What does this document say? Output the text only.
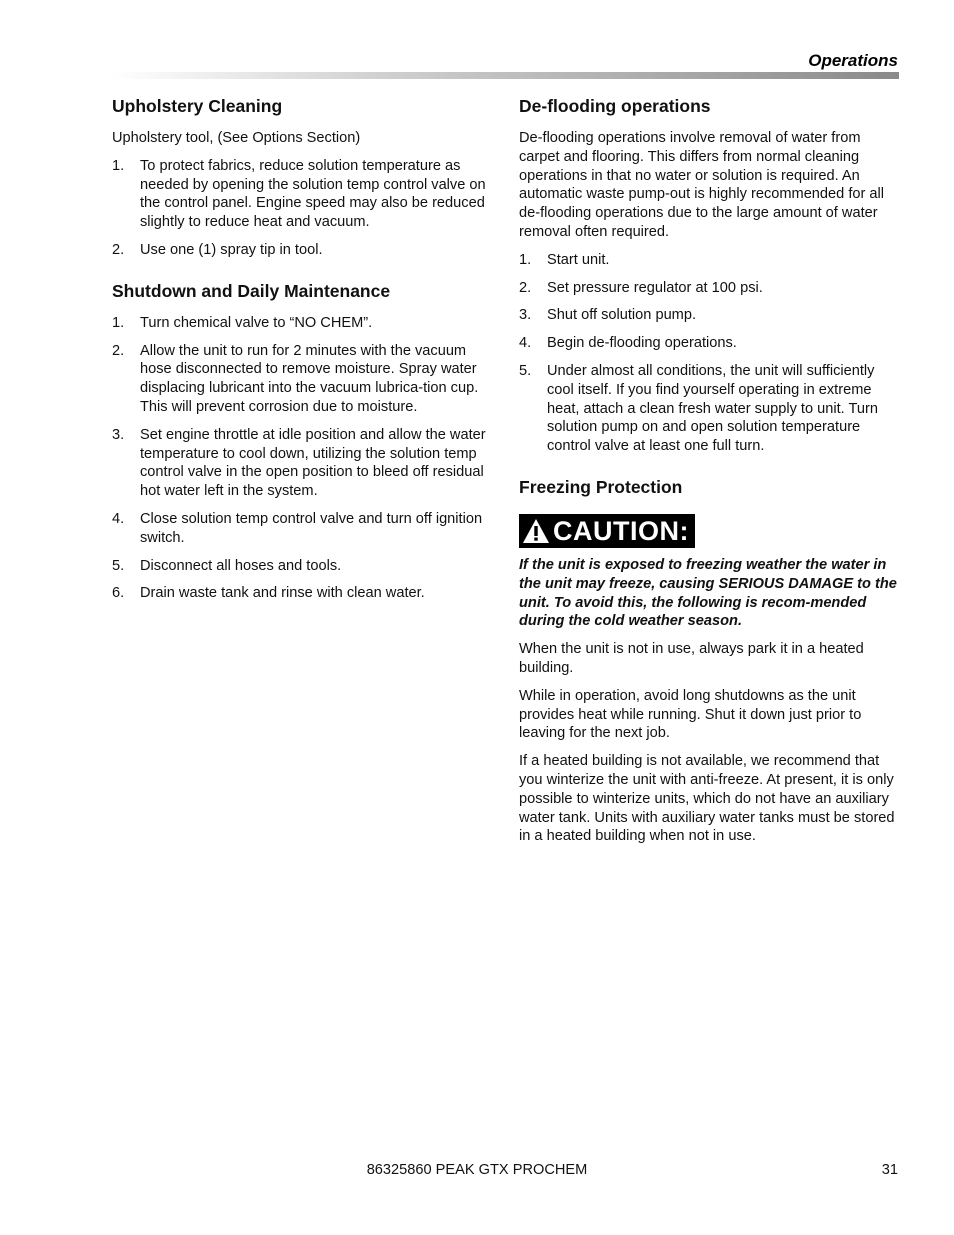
Operations
Upholstery Cleaning

Upholstery tool, (See Options Section)

1. To protect fabrics, reduce solution temperature as needed by opening the solution temp control valve on the control panel. Engine speed may also be reduced slightly to reduce heat and vacuum.
2. Use one (1) spray tip in tool.
Shutdown and Daily Maintenance
1. Turn chemical valve to “NO CHEM”.
2. Allow the unit to run for 2 minutes with the vacuum hose disconnected to remove moisture. Spray water displacing lubricant into the vacuum lubrica-tion cup. This will prevent corrosion due to moisture.
3. Set engine throttle at idle position and allow the water temperature to cool down, utilizing the solution temp control valve in the open position to bleed off residual hot water left in the system.
4. Close solution temp control valve and turn off ignition switch.
5. Disconnect all hoses and tools.
6. Drain waste tank and rinse with clean water.
De-flooding operations

De-flooding operations involve removal of water from carpet and flooring. This differs from normal cleaning operations in that no water or solution is required. An automatic waste pump-out is highly recommended for all de-flooding operations due to the large amount of water removal often required.

1. Start unit.
2. Set pressure regulator at 100 psi.
3. Shut off solution pump.
4. Begin de-flooding operations.
5. Under almost all conditions, the unit will sufficiently cool itself. If you find yourself operating in extreme heat, attach a clean fresh water supply to unit. Turn solution pump on and open solution temperature control valve at least one full turn.
Freezing Protection
CAUTION:

If the unit is exposed to freezing weather the water in the unit may freeze, causing SERIOUS DAMAGE to the unit. To avoid this, the following is recom-mended during the cold weather season.

When the unit is not in use, always park it in a heated building.

While in operation, avoid long shutdowns as the unit provides heat while running. Shut it down just prior to leaving for the next job.

If a heated building is not available, we recommend that you winterize the unit with anti-freeze. At present, it is only possible to winterize units, which do not have an auxiliary water tank. Units with auxiliary water tanks must be stored in a heated building when not in use.

86325860 PEAK GTX PROCHEM	31
